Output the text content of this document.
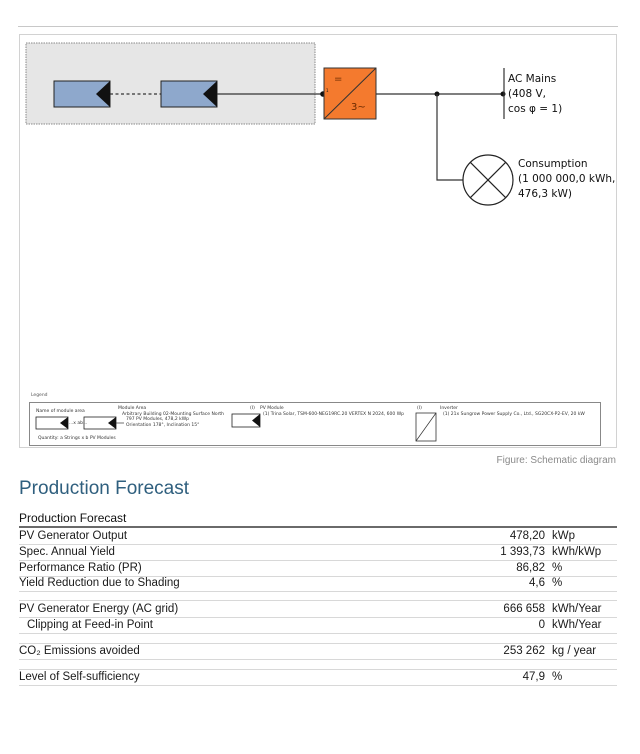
=
3~
1
AC Mains
(408 V,
cos φ = 1)
Consumption
(1 000 000,0 kWh,
476,3 kW)
Legend
Name of module area
...x ab...
Quantity: a Strings x b PV Modules
Module Area
Arbitrary Building 02-Mounting Surface North
797 PV Modules, 478,2 kWp
Orientation 178°, Inclination 15°
(I) PV Module
(1) Trina Solar, TSM-600-NEG19RC.20 VERTEX N 2024, 600 Wp
(I)	Inverter
(1) 21x Sungrow Power Supply Co., Ltd., SG20CX-P2-EV, 20 kW
Figure: Schematic diagram
Production Forecast
Production Forecast
PV Generator Output	478,20 kWp
Spec. Annual Yield	1 393,73 kWh/kWp
Performance Ratio (PR)	86,82 %
Yield Reduction due to Shading	4,6 %
PV Generator Energy (AC grid)	666 658 kWh/Year
Clipping at Feed-in Point	0 kWh/Year
CO₂ Emissions avoided	253 262 kg / year
Level of Self-sufficiency	47,9 %
